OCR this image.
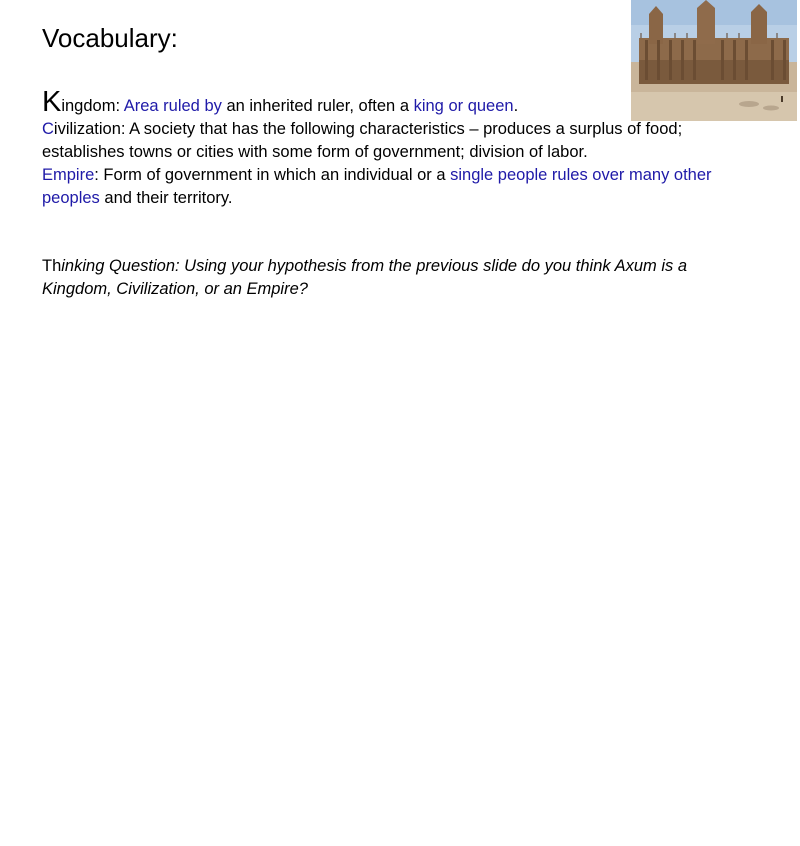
Vocabulary:

Kingdom: Area ruled by an inherited ruler, often a king or queen.

Civilization: A society that has the following characteristics – produces a surplus of food; establishes towns or cities with some form of government; division of labor.

Empire: Form of government in which an individual or a single people rules over many other peoples and their territory.

Thinking Question: Using your hypothesis from the previous slide do you think Axum is a Kingdom, Civilization, or an Empire?
